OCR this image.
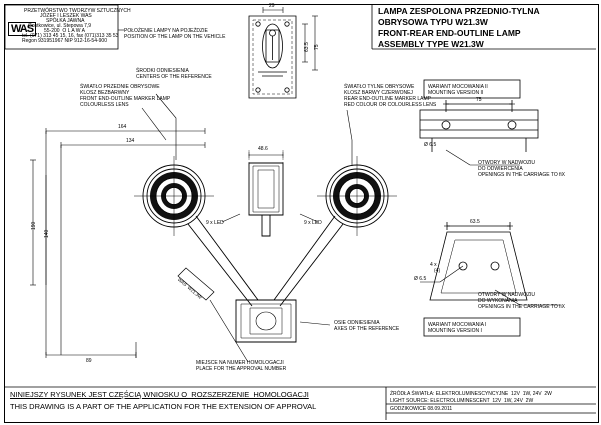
WAS
PRZETWÓRSTWO TWORZYW SZTUCZNYCH
JÓZEF I LESZEK WAS
SPÓŁKA JAWNA
Gostkowice, ul. Stepowa 7,9
55-200  O L A W A
tel. (071) 313 45 15, 16, fax (071)313 35 53
Regon 931951967 NIP 912-16-54-900
LAMPA ZESPOLONA PRZEDNIO-TYLNA
OBRYSOWA TYPU W21.3W
FRONT-REAR END-OUTLINE LAMP
ASSEMBLY TYPE W21.3W
POŁOŻENIE LAMPY NA POJEŹDZIE
POSITION OF THE LAMP ON THE VEHICLE
ŚRODKI ODNIESIENIA
CENTERS OF THE REFERENCE
ŚWIATŁO PRZEDNIE OBRYSOWE
KLOSZ BEZBARWNY
FRONT END-OUTLINE MARKER LAMP
COLOURLESS LENS
ŚWIATŁO TYLNE OBRYSOWE
KLOSZ BARWY CZERWONEJ
REAR END-OUTLINE MARKER LAMP
RED COLOUR OR COLOURLESS LENS
9 x LED	9 x LED
OSIE ODNIESIENIA
AXES OF THE REFERENCE
MIEJSCE NA NUMER HOMOLOGACJI
PLACE FOR THE APPROVAL NUMBER
WAS  W21.3W
WARIANT MOCOWANIA II
MOUNTING VERSION II
WARIANT MOCOWANIA I
MOUNTING VERSION I
OTWORY W NADWOZIU
DO ODWIERCENIA
OPENINGS IN THE CARRIAGE TO fiX
OTWORY W NADWOZIU
DO WYKONANIA
OPENINGS IN THE CARRIAGE TO fiX
164
134
190
140
89
48.6
29
63.5 75
75
63.5
Ø 6.5
Ø 6.5
4 x
(4)
NINIEJSZY RYSUNEK JEST CZĘŚCIĄ WNIOSKU O  ROZSZERZENIE  HOMOLOGACJI
THIS DRAWING IS A PART OF THE APPLICATION FOR THE EXTENSION OF APPROVAL
ŹRÓDŁA ŚWIATŁA: ELEKTROLUMINESCYNCYJNE  12V  1W, 24V  2W
LIGHT SOURCE: ELECTROLUMINESCENT  12V  1W, 24V  2W
GODZIKOWICE 08.09.2011
